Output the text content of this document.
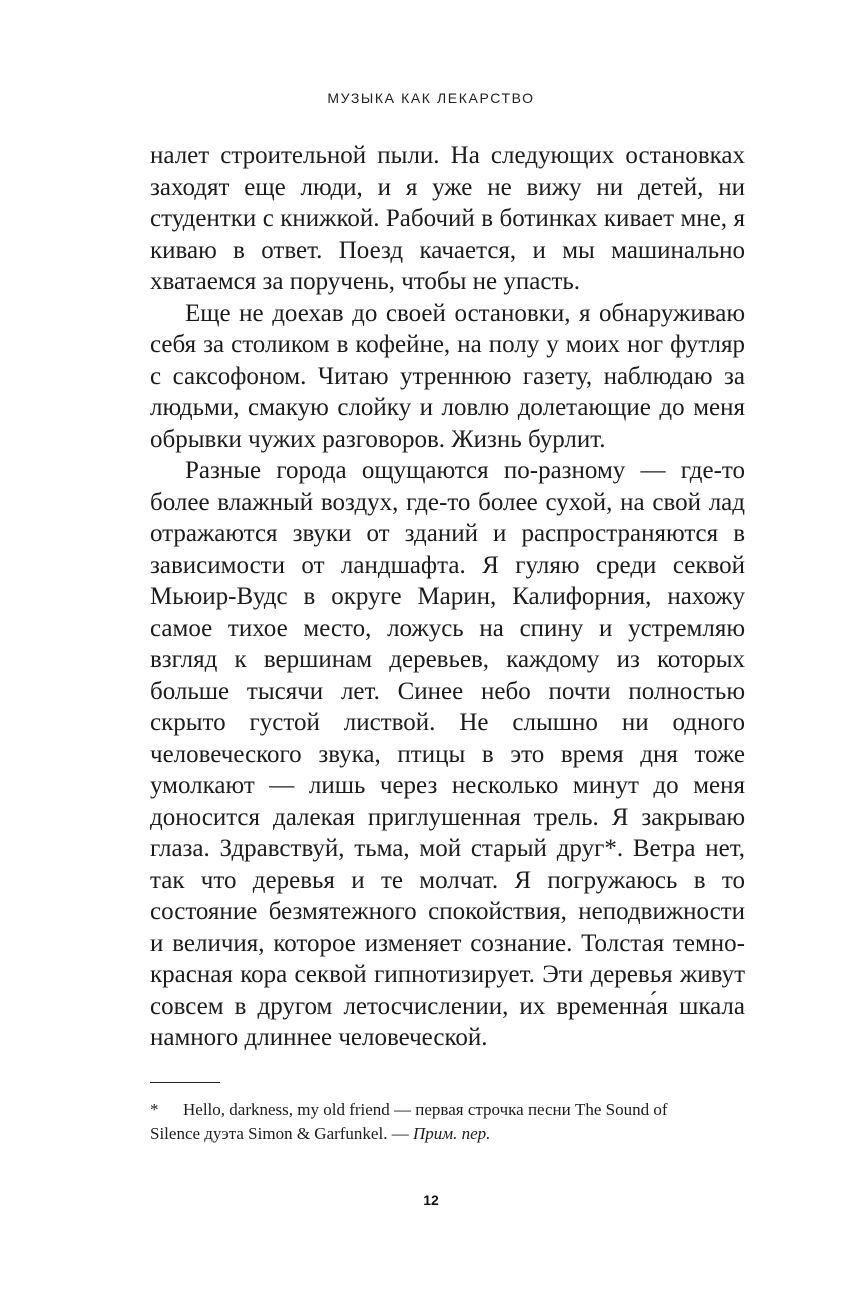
МУЗЫКА КАК ЛЕКАРСТВО

налет строительной пыли. На следующих остановках заходят еще люди, и я уже не вижу ни детей, ни студентки с книжкой. Рабочий в ботинках кивает мне, я киваю в ответ. Поезд качается, и мы машинально хватаемся за поручень, чтобы не упасть.

Еще не доехав до своей остановки, я обнаруживаю себя за столиком в кофейне, на полу у моих ног футляр с саксофоном. Читаю утреннюю газету, наблюдаю за людьми, смакую слойку и ловлю долетающие до меня обрывки чужих разговоров. Жизнь бурлит.

Разные города ощущаются по-разному — где-то более влажный воздух, где-то более сухой, на свой лад отражаются звуки от зданий и распространяются в зависимости от ландшафта. Я гуляю среди секвой Мьюир-Вудс в округе Марин, Калифорния, нахожу самое тихое место, ложусь на спину и устремляю взгляд к вершинам деревьев, каждому из которых больше тысячи лет. Синее небо почти полностью скрыто густой листвой. Не слышно ни одного человеческого звука, птицы в это время дня тоже умолкают — лишь через несколько минут до меня доносится далекая приглушенная трель. Я закрываю глаза. Здравствуй, тьма, мой старый друг*. Ветра нет, так что деревья и те молчат. Я погружаюсь в то состояние безмятежного спокойствия, неподвижности и величия, которое изменяет сознание. Толстая темно-красная кора секвой гипнотизирует. Эти деревья живут совсем в другом летосчислении, их временна́я шкала намного длиннее человеческой.

* Hello, darkness, my old friend — первая строчка песни The Sound of
Silence дуэта Simon & Garfunkel. — Прим. пер.
12
